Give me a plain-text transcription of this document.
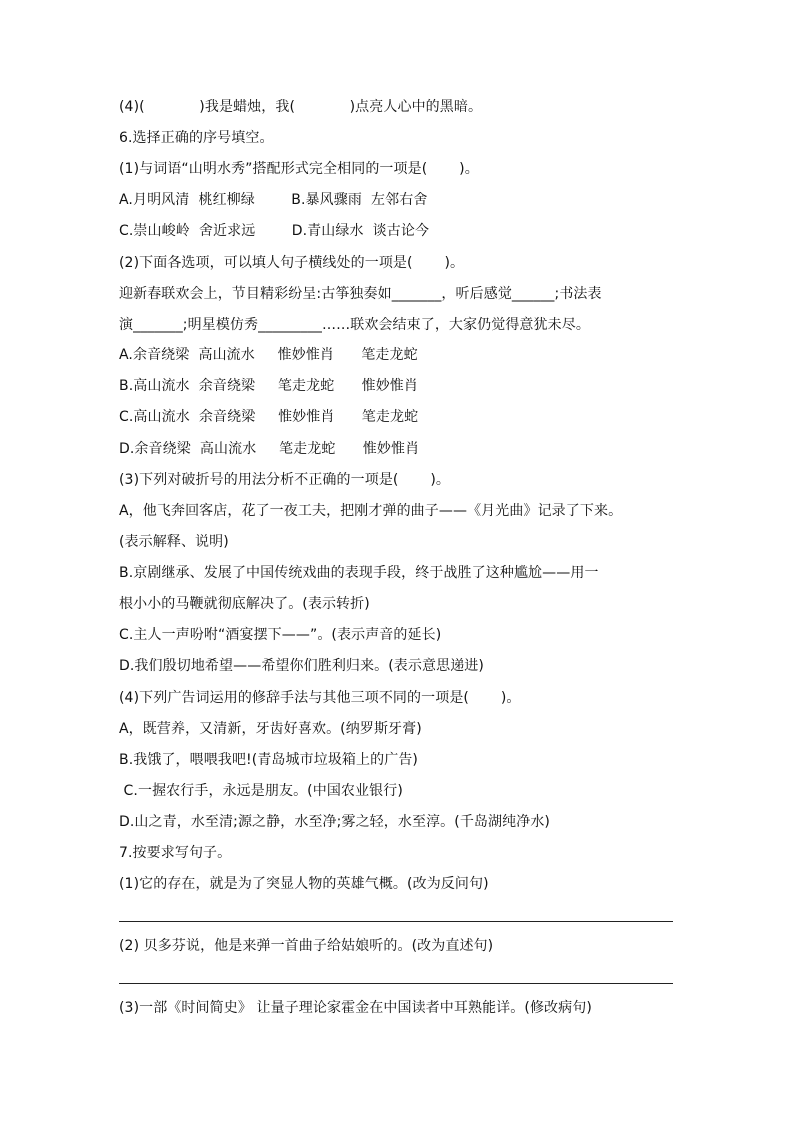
(4)(            )我是蜡烛，我(            )点亮人心中的黑暗。
6.选择正确的序号填空。
(1)与词语“山明水秀”搭配形式完全相同的一项是(       )。
A.月明风清  桃红柳绿        B.暴风骤雨  左邻右舍
C.崇山峻岭  舍近求远        D.青山绿水  谈古论今
(2)下面各选项，可以填人句子横线处的一项是(       )。
迎新春联欢会上，节目精彩纷呈:古筝独奏如_______，听后感觉______;书法表
演_______;明星模仿秀_________……联欢会结束了，大家仍觉得意犹未尽。
A.余音绕梁  高山流水     惟妙惟肖      笔走龙蛇
B.高山流水  余音绕梁     笔走龙蛇      惟妙惟肖
C.高山流水  余音绕梁     惟妙惟肖      笔走龙蛇
D.余音绕梁  高山流水     笔走龙蛇      惟妙惟肖
(3)下列对破折号的用法分析不正确的一项是(       )。
A，他飞奔回客店，花了一夜工夫，把刚才弹的曲子——《月光曲》记录了下来。
(表示解释、说明)
B.京剧继承、发展了中国传统戏曲的表现手段，终于战胜了这种尴尬——用一
根小小的马鞭就彻底解决了。(表示转折)
C.主人一声吩咐“酒宴摆下——”。(表示声音的延长)
D.我们殷切地希望——希望你们胜利归来。(表示意思递进)
(4)下列广告词运用的修辞手法与其他三项不同的一项是(       )。
A，既营养，又清新，牙齿好喜欢。(纳罗斯牙膏)
B.我饿了，喂喂我吧!(青岛城市垃圾箱上的广告)
C.一握农行手，永远是朋友。(中国农业银行)
D.山之青，水至清;源之静，水至净;雾之轻，水至淳。(千岛湖纯净水)
7.按要求写句子。
(1)它的存在，就是为了突显人物的英雄气概。(改为反问句)
(2) 贝多芬说，他是来弹一首曲子给姑娘听的。(改为直述句)
(3)一部《时间简史》 让量子理论家霍金在中国读者中耳熟能详。(修改病句)
